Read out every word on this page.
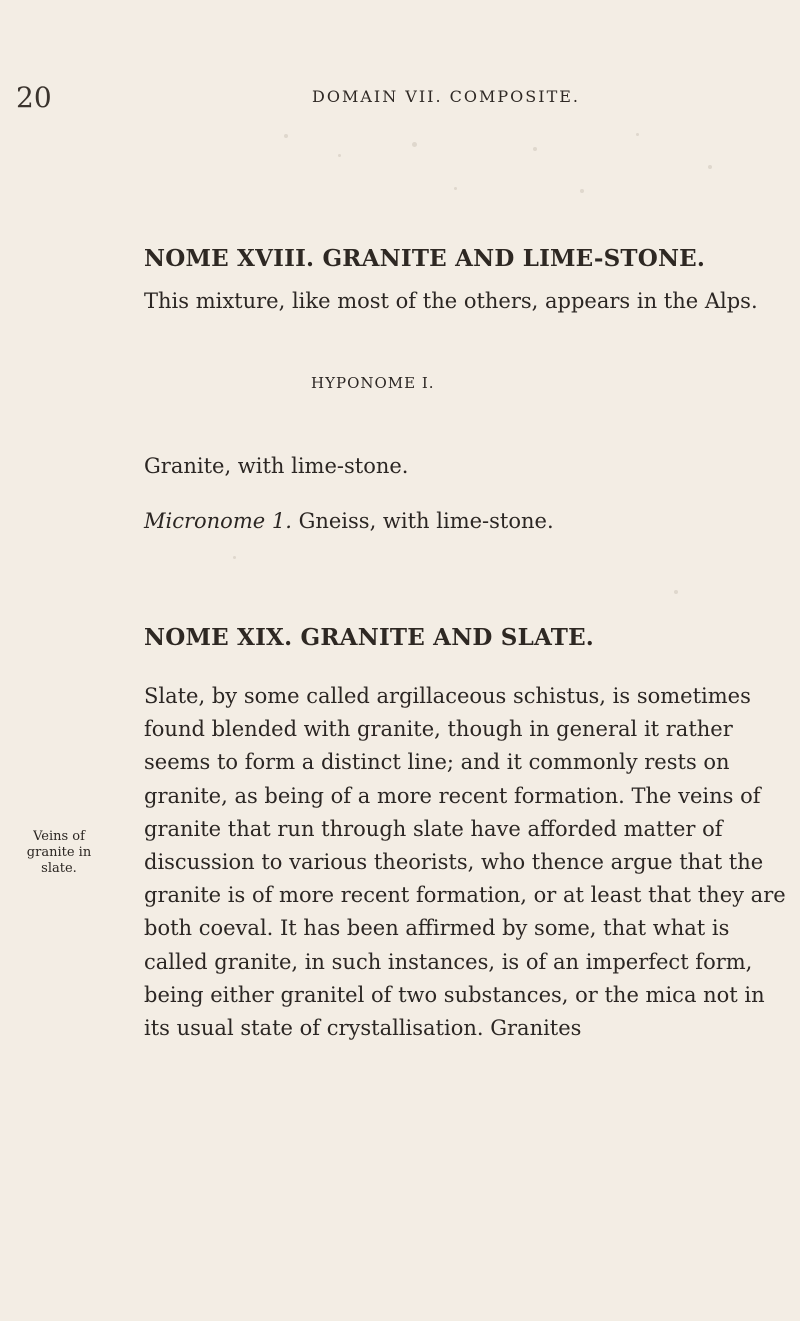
20	DOMAIN VII. COMPOSITE.
NOME XVIII. GRANITE AND LIME-STONE.

This mixture, like most of the others, appears in the Alps.

HYPONOME I.

Granite, with lime-stone.

Micronome 1. Gneiss, with lime-stone.

NOME XIX. GRANITE AND SLATE.
Veins of granite in slate.

Slate, by some called argillaceous schistus, is sometimes found blended with granite, though in general it rather seems to form a distinct line; and it commonly rests on granite, as being of a more recent formation. The veins of granite that run through slate have afforded matter of discussion to various theorists, who thence argue that the granite is of more recent formation, or at least that they are both coeval. It has been affirmed by some, that what is called granite, in such instances, is of an imperfect form, being either granitel of two substances, or the mica not in its usual state of crystallisation. Granites
